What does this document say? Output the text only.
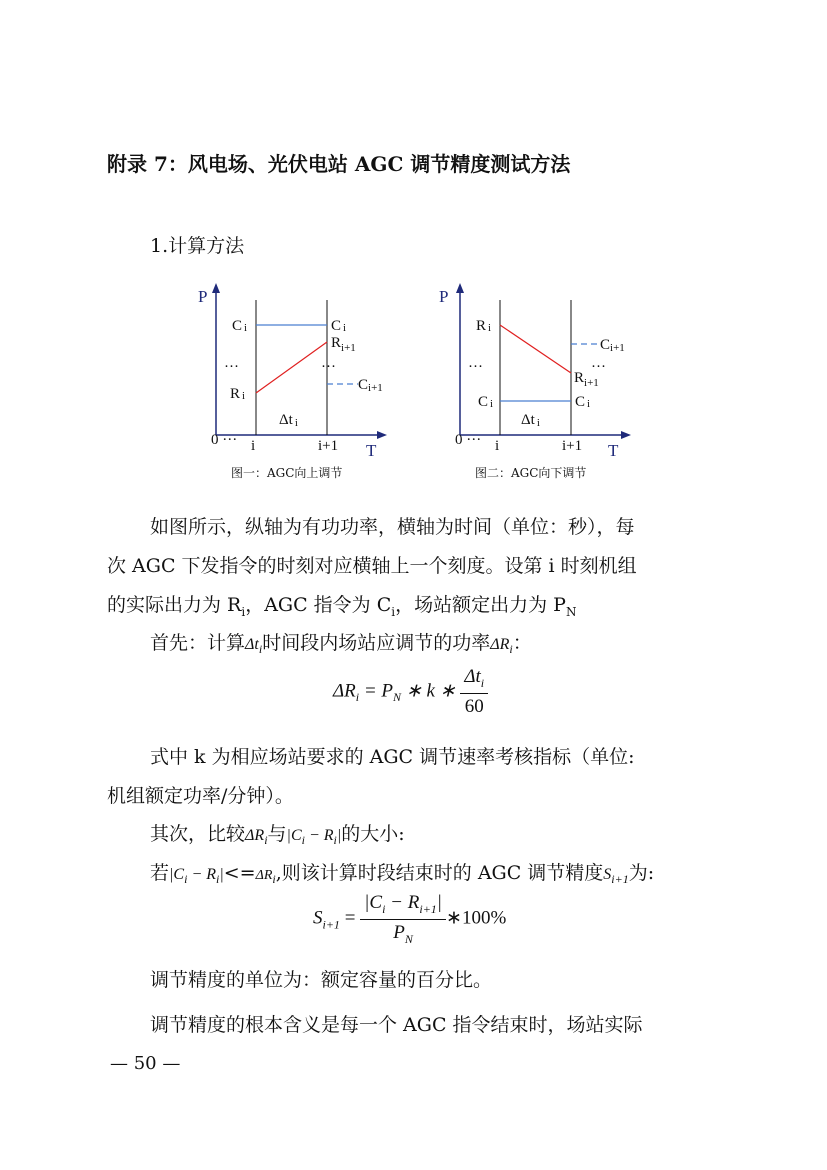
附录 7：风电场、光伏电站 AGC 调节精度测试方法
1.计算方法
P
T
0 ··· i	i+1
C i	C i
$R_{i+1}$
···	···
R i
Ci+1
Δt i
图一：AGC向上调节
P
T
0 ··· i	i+1
R i
Ci+1
···	···
$R_{i+1}$
C i	C i
Δt i
图二：AGC向下调节
如图所示，纵轴为有功功率，横轴为时间（单位：秒），每
次 AGC 下发指令的时刻对应横轴上一个刻度。设第 i 时刻机组
的实际出力为 $R_i$，AGC 指令为 $C_i$，场站额定出力为 $P_N$
首先：计算$\Delta t_i$时间段内场站应调节的功率$\Delta R_i$：
$\Delta R_i = P_N$ ∗ k ∗ $\frac{\Delta t_i}{60}$
式中 k 为相应场站要求的 AGC 调节速率考核指标（单位:
机组额定功率/分钟）。
其次，比较$\Delta R_i$与$|C_i - R_i|$的大小:
若$|C_i - R_i|<=\Delta R_i$,则该计算时段结束时的 AGC 调节精度$S_{i+1}$为:
$S_{i+1} = \frac{|C_i - R_{i+1}|}{P_N}$ ∗100%
调节精度的单位为：额定容量的百分比。
调节精度的根本含义是每一个 AGC 指令结束时，场站实际
— 50 —
